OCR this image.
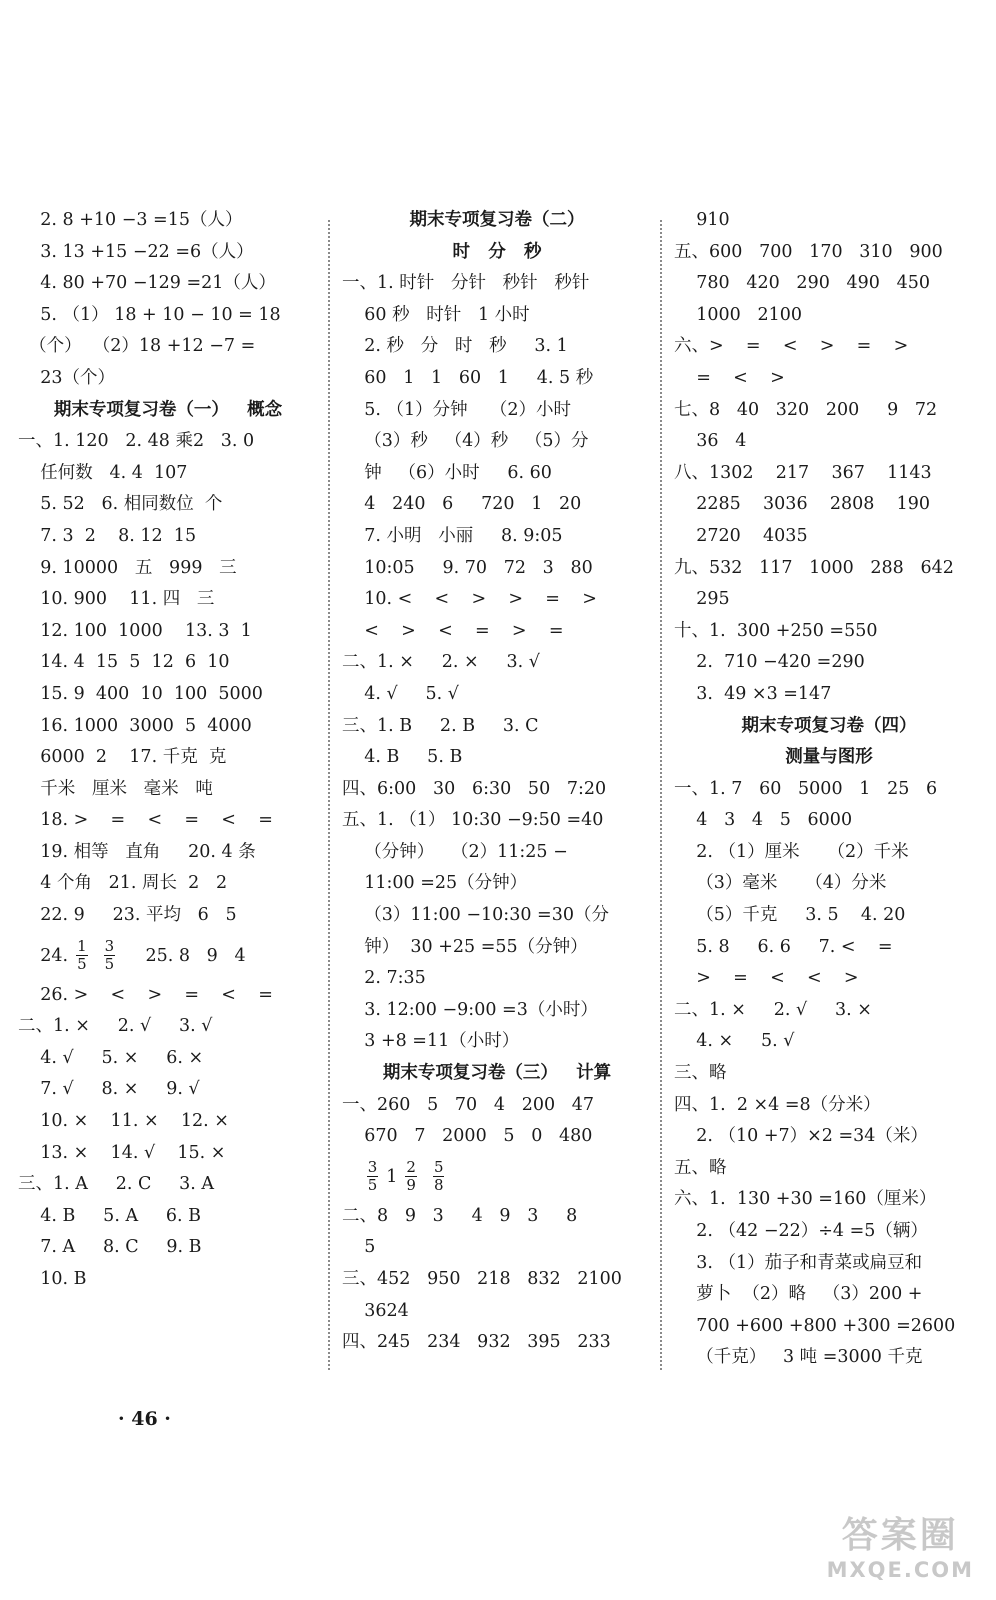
2. 8 +10 −3 =15（人）
3. 13 +15 −22 =6（人）
4. 80 +70 −129 =21（人）
5. （1） 18 + 10 − 10 = 18
（个）  （2）18 +12 −7 =
23（个）
期末专项复习卷（一）   概念
一、1. 120   2. 48 乘2   3. 0
任何数   4. 4  107
5. 52   6. 相同数位  个
7. 3  2    8. 12  15
9. 10000   五   999   三
10. 900    11. 四   三
12. 100  1000    13. 3  1
14. 4  15  5  12  6  10
15. 9  400  10  100  5000
16. 1000  3000  5  4000
6000  2    17. 千克  克
千米   厘米   毫米   吨
18. >    =    <    =    <    =
19. 相等   直角     20. 4 条
4 个角   21. 周长  2   2
22. 9     23. 平均   6   5
24. $\frac{1}{5} \frac{3}{5} 25$. 8   9   4
26. >    <    >    =    <    =
二、1. ×     2. √     3. √
4. √     5. ×     6. ×
7. √     8. ×     9. √
10. ×    11. ×    12. ×
13. ×    14. √    15. ×
三、1. A     2. C     3. A
4. B     5. A     6. B
7. A     8. C     9. B
10. B
期末专项复习卷（二）
时   分   秒
一、1. 时针   分针   秒针   秒针
60 秒   时针   1 小时
2. 秒   分   时   秒     3. 1
60   1   1   60   1     4. 5 秒
5. （1）分钟    （2）小时
（3）秒   （4）秒   （5）分
钟   （6）小时     6. 60
4   240   6     720   1   20
7. 小明   小丽     8. 9:05
10:05     9. 70   72   3   80
10. <    <    >    >    =    >
<    >    <    =    >    =
二、1. ×     2. ×     3. √
4. √     5. √
三、1. B     2. B     3. C
4. B     5. B
四、6:00   30   6:30   50   7:20
五、1. （1） 10:30 −9:50 =40
（分钟）   （2）11:25 −
11:00 =25（分钟）
（3）11:00 −10:30 =30（分
钟）  30 +25 =55（分钟）
2. 7:35
3. 12:00 −9:00 =3（小时）
3 +8 =11（小时）
期末专项复习卷（三）   计算
一、260   5   70   4   200   47
670   7   2000   5   0   480

$\frac{3}{5} 1 \frac{2}{9} \frac{5}{8}$
二、8   9   3     4   9   3     8
5
三、452   950   218   832   2100
3624
四、245   234   932   395   233
910
五、600   700   170   310   900
780   420   290   490   450
1000   2100
六、>    =    <    >    =    >
=    <    >
七、8   40   320   200     9   72
36   4
八、1302    217    367    1143
2285    3036    2808    190
2720    4035
九、532   117   1000   288   642
295
十、1.  300 +250 =550
2.  710 −420 =290
3.  49 ×3 =147
期末专项复习卷（四）
测量与图形
一、1. 7   60   5000   1   25   6
4   3   4   5   6000
2. （1）厘米     （2）千米
（3）毫米     （4）分米
（5）千克     3. 5    4. 20
5. 8     6. 6     7. <    =
>    =    <    <    >
二、1. ×     2. √     3. ×
4. ×     5. √
三、略
四、1.  2 ×4 =8（分米）
2. （10 +7）×2 =34（米）
五、略
六、1.  130 +30 =160（厘米）
2. （42 −22）÷4 =5（辆）
3. （1）茄子和青菜或扁豆和
萝卜  （2）略   （3）200 +
700 +600 +800 +300 =2600
（千克）   3 吨 =3000 千克
· 46 ·
答案圈
MXQE.COM
